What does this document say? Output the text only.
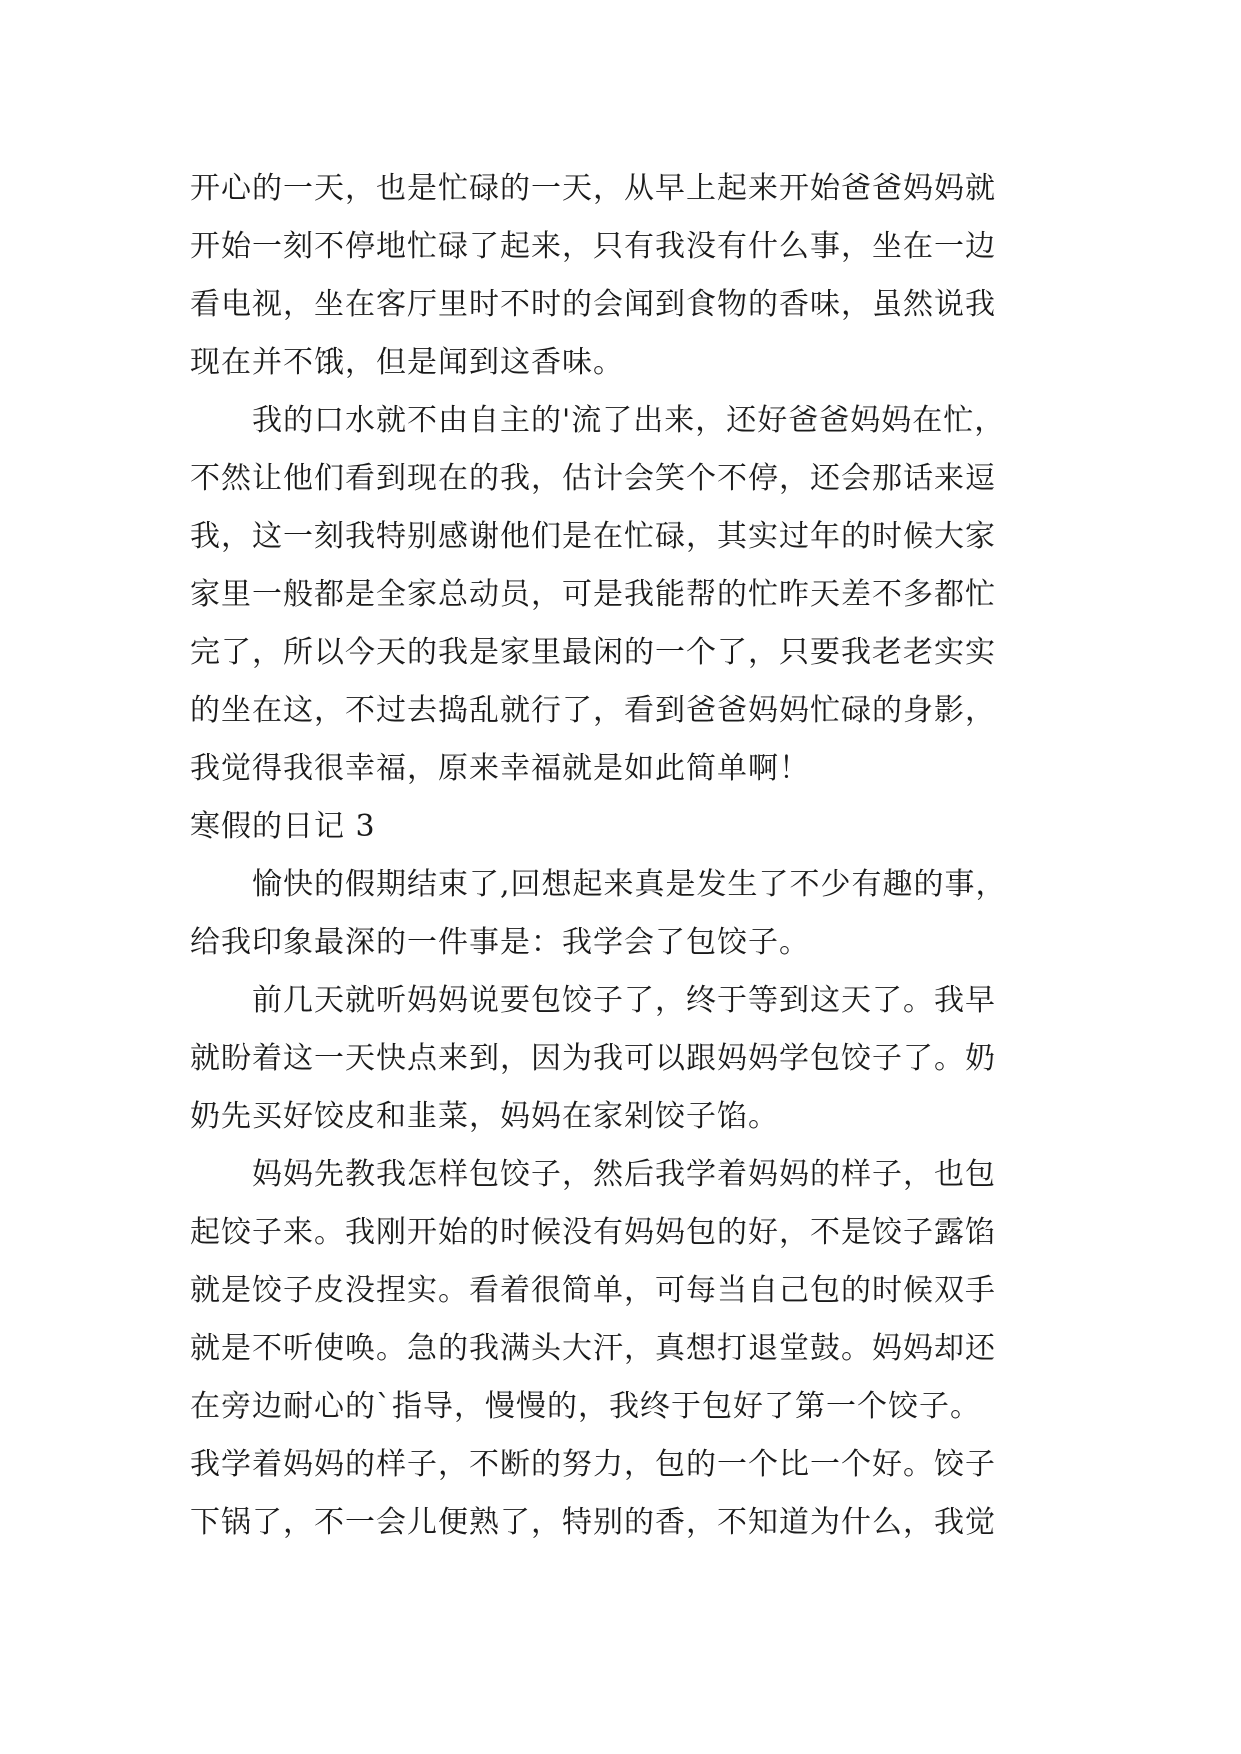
开心的一天，也是忙碌的一天，从早上起来开始爸爸妈妈就
开始一刻不停地忙碌了起来，只有我没有什么事，坐在一边
看电视，坐在客厅里时不时的会闻到食物的香味，虽然说我
现在并不饿，但是闻到这香味。
　　我的口水就不由自主的'流了出来，还好爸爸妈妈在忙，
不然让他们看到现在的我，估计会笑个不停，还会那话来逗
我，这一刻我特别感谢他们是在忙碌，其实过年的时候大家
家里一般都是全家总动员，可是我能帮的忙昨天差不多都忙
完了，所以今天的我是家里最闲的一个了，只要我老老实实
的坐在这，不过去捣乱就行了，看到爸爸妈妈忙碌的身影，
我觉得我很幸福，原来幸福就是如此简单啊！
寒假的日记 3
　　愉快的假期结束了,回想起来真是发生了不少有趣的事，
给我印象最深的一件事是：我学会了包饺子。
　　前几天就听妈妈说要包饺子了，终于等到这天了。我早
就盼着这一天快点来到，因为我可以跟妈妈学包饺子了。奶
奶先买好饺皮和韭菜，妈妈在家剁饺子馅。
　　妈妈先教我怎样包饺子，然后我学着妈妈的样子，也包
起饺子来。我刚开始的时候没有妈妈包的好，不是饺子露馅
就是饺子皮没捏实。看着很简单，可每当自己包的时候双手
就是不听使唤。急的我满头大汗，真想打退堂鼓。妈妈却还
在旁边耐心的`指导，慢慢的，我终于包好了第一个饺子。
我学着妈妈的样子，不断的努力，包的一个比一个好。饺子
下锅了，不一会儿便熟了，特别的香，不知道为什么，我觉
